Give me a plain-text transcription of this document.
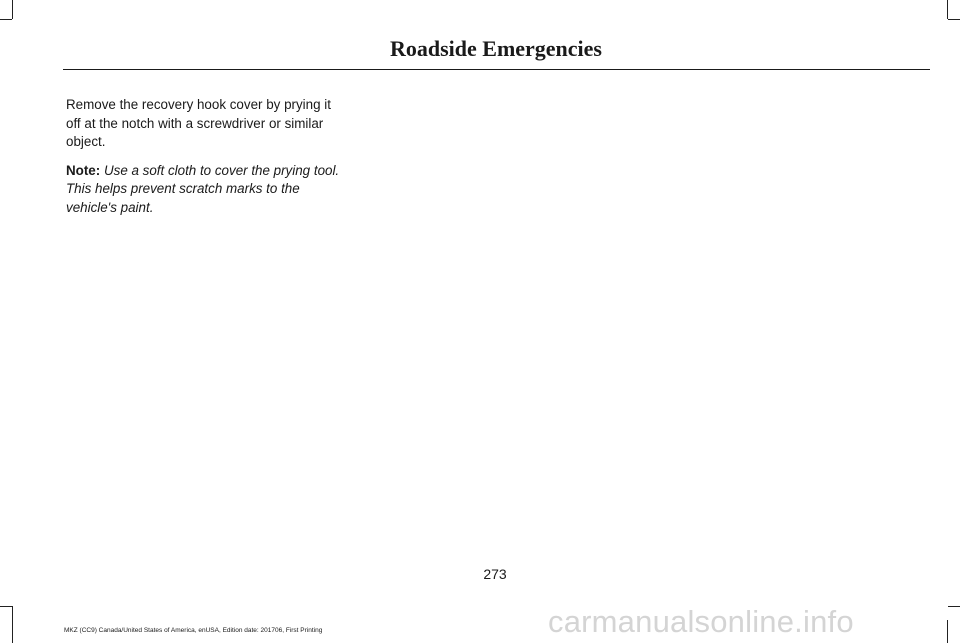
Roadside Emergencies

Remove the recovery hook cover by prying it off at the notch with a screwdriver or similar object.

Note: Use a soft cloth to cover the prying tool. This helps prevent scratch marks to the vehicle's paint.

273
MKZ (CC9) Canada/United States of America, enUSA, Edition date: 201706, First Printing	carmanualsonline.info
